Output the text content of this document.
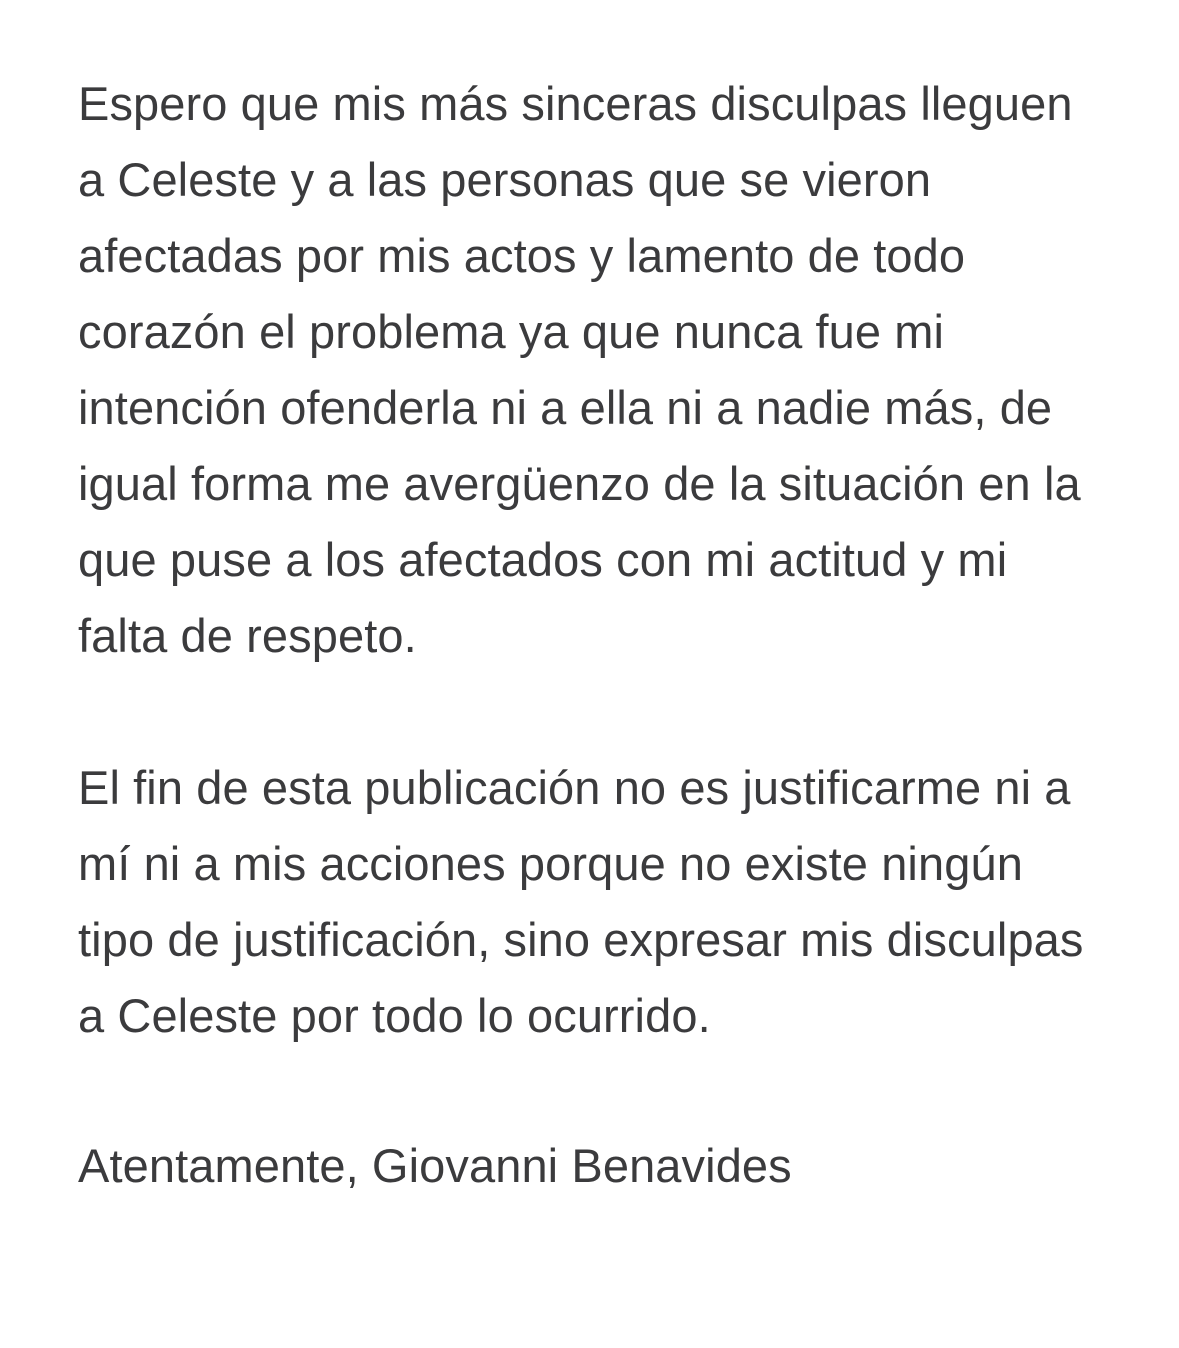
Espero que mis más sinceras disculpas lleguen a Celeste y a las personas que se vieron afectadas por mis actos y lamento de todo corazón el problema ya que nunca fue mi intención ofenderla ni a ella ni a nadie más, de igual forma me avergüenzo de la situación en la que puse a los afectados con mi actitud y mi falta de respeto.

El fin de esta publicación no es justificarme ni a mí ni a mis acciones porque no existe ningún tipo de justificación, sino expresar mis disculpas a Celeste por todo lo ocurrido.

Atentamente, Giovanni Benavides
